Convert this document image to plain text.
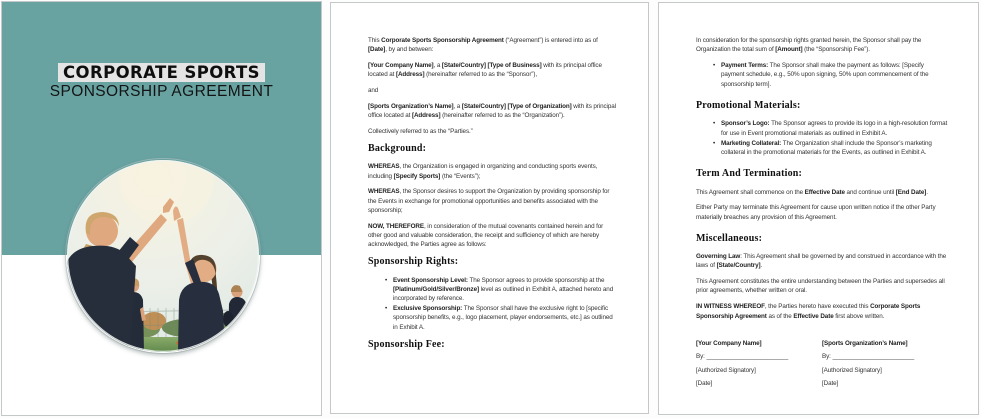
CORPORATE SPORTS
SPONSORSHIP AGREEMENT

This Corporate Sports Sponsorship Agreement (“Agreement”) is entered into as of [Date], by and between:

[Your Company Name], a [State/Country] [Type of Business] with its principal office located at [Address] (hereinafter referred to as the “Sponsor”),

and

[Sports Organization’s Name], a [State/Country] [Type of Organization] with its principal office located at [Address] (hereinafter referred to as the “Organization”).

Collectively referred to as the “Parties.”

Background:

WHEREAS, the Organization is engaged in organizing and conducting sports events, including [Specify Sports] (the “Events”);

WHEREAS, the Sponsor desires to support the Organization by providing sponsorship for the Events in exchange for promotional opportunities and benefits associated with the sponsorship;

NOW, THEREFORE, in consideration of the mutual covenants contained herein and for other good and valuable consideration, the receipt and sufficiency of which are hereby acknowledged, the Parties agree as follows:

Sponsorship Rights:
• Event Sponsorship Level: The Sponsor agrees to provide sponsorship at the [Platinum/Gold/Silver/Bronze] level as outlined in Exhibit A, attached hereto and incorporated by reference.
• Exclusive Sponsorship: The Sponsor shall have the exclusive right to [specific sponsorship benefits, e.g., logo placement, player endorsements, etc.] as outlined in Exhibit A.
Sponsorship Fee:

In consideration for the sponsorship rights granted herein, the Sponsor shall pay the Organization the total sum of [Amount] (the “Sponsorship Fee”).

• Payment Terms: The Sponsor shall make the payment as follows: [Specify payment schedule, e.g., 50% upon signing, 50% upon commencement of the sponsorship term].
Promotional Materials:
• Sponsor’s Logo: The Sponsor agrees to provide its logo in a high-resolution format for use in Event promotional materials as outlined in Exhibit A.
• Marketing Collateral: The Organization shall include the Sponsor’s marketing collateral in the promotional materials for the Events, as outlined in Exhibit A.
Term And Termination:

This Agreement shall commence on the Effective Date and continue until [End Date].

Either Party may terminate this Agreement for cause upon written notice if the other Party materially breaches any provision of this Agreement.

Miscellaneous:

Governing Law: This Agreement shall be governed by and construed in accordance with the laws of [State/Country].

This Agreement constitutes the entire understanding between the Parties and supersedes all prior agreements, whether written or oral.

IN WITNESS WHEREOF, the Parties hereto have executed this Corporate Sports Sponsorship Agreement as of the Effective Date first above written.

[Your Company Name]
By: ________________________
[Authorized Signatory]
[Date]
[Sports Organization’s Name]
By: ________________________
[Authorized Signatory]
[Date]
